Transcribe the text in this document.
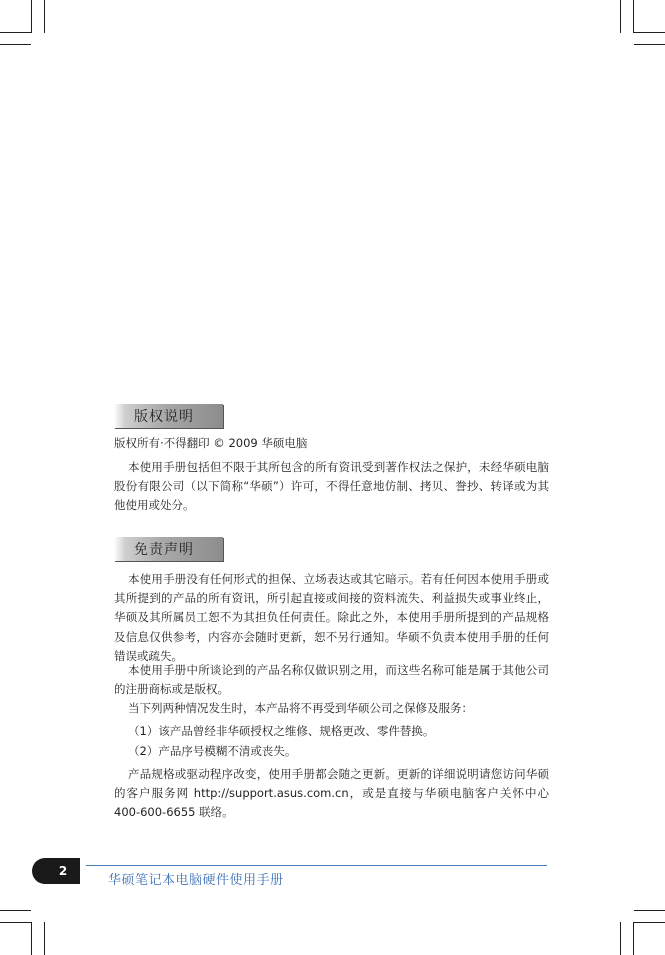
版权说明

版权所有·不得翻印 © 2009 华硕电脑

本使用手册包括但不限于其所包含的所有资讯受到著作权法之保护，未经华硕电脑股份有限公司（以下简称“华硕”）许可，不得任意地仿制、拷贝、誊抄、转译或为其他使用或处分。

免责声明

本使用手册没有任何形式的担保、立场表达或其它暗示。若有任何因本使用手册或其所提到的产品的所有资讯，所引起直接或间接的资料流失、利益损失或事业终止，华硕及其所属员工恕不为其担负任何责任。除此之外，本使用手册所提到的产品规格及信息仅供参考，内容亦会随时更新，恕不另行通知。华硕不负责本使用手册的任何错误或疏失。

本使用手册中所谈论到的产品名称仅做识别之用，而这些名称可能是属于其他公司的注册商标或是版权。

当下列两种情况发生时，本产品将不再受到华硕公司之保修及服务：

（1）该产品曾经非华硕授权之维修、规格更改、零件替换。

（2）产品序号模糊不清或丧失。

产品规格或驱动程序改变，使用手册都会随之更新。更新的详细说明请您访问华硕的客户服务网 http://support.asus.com.cn，或是直接与华硕电脑客户关怀中心 400-600-6655 联络。

2
华硕笔记本电脑硬件使用手册
